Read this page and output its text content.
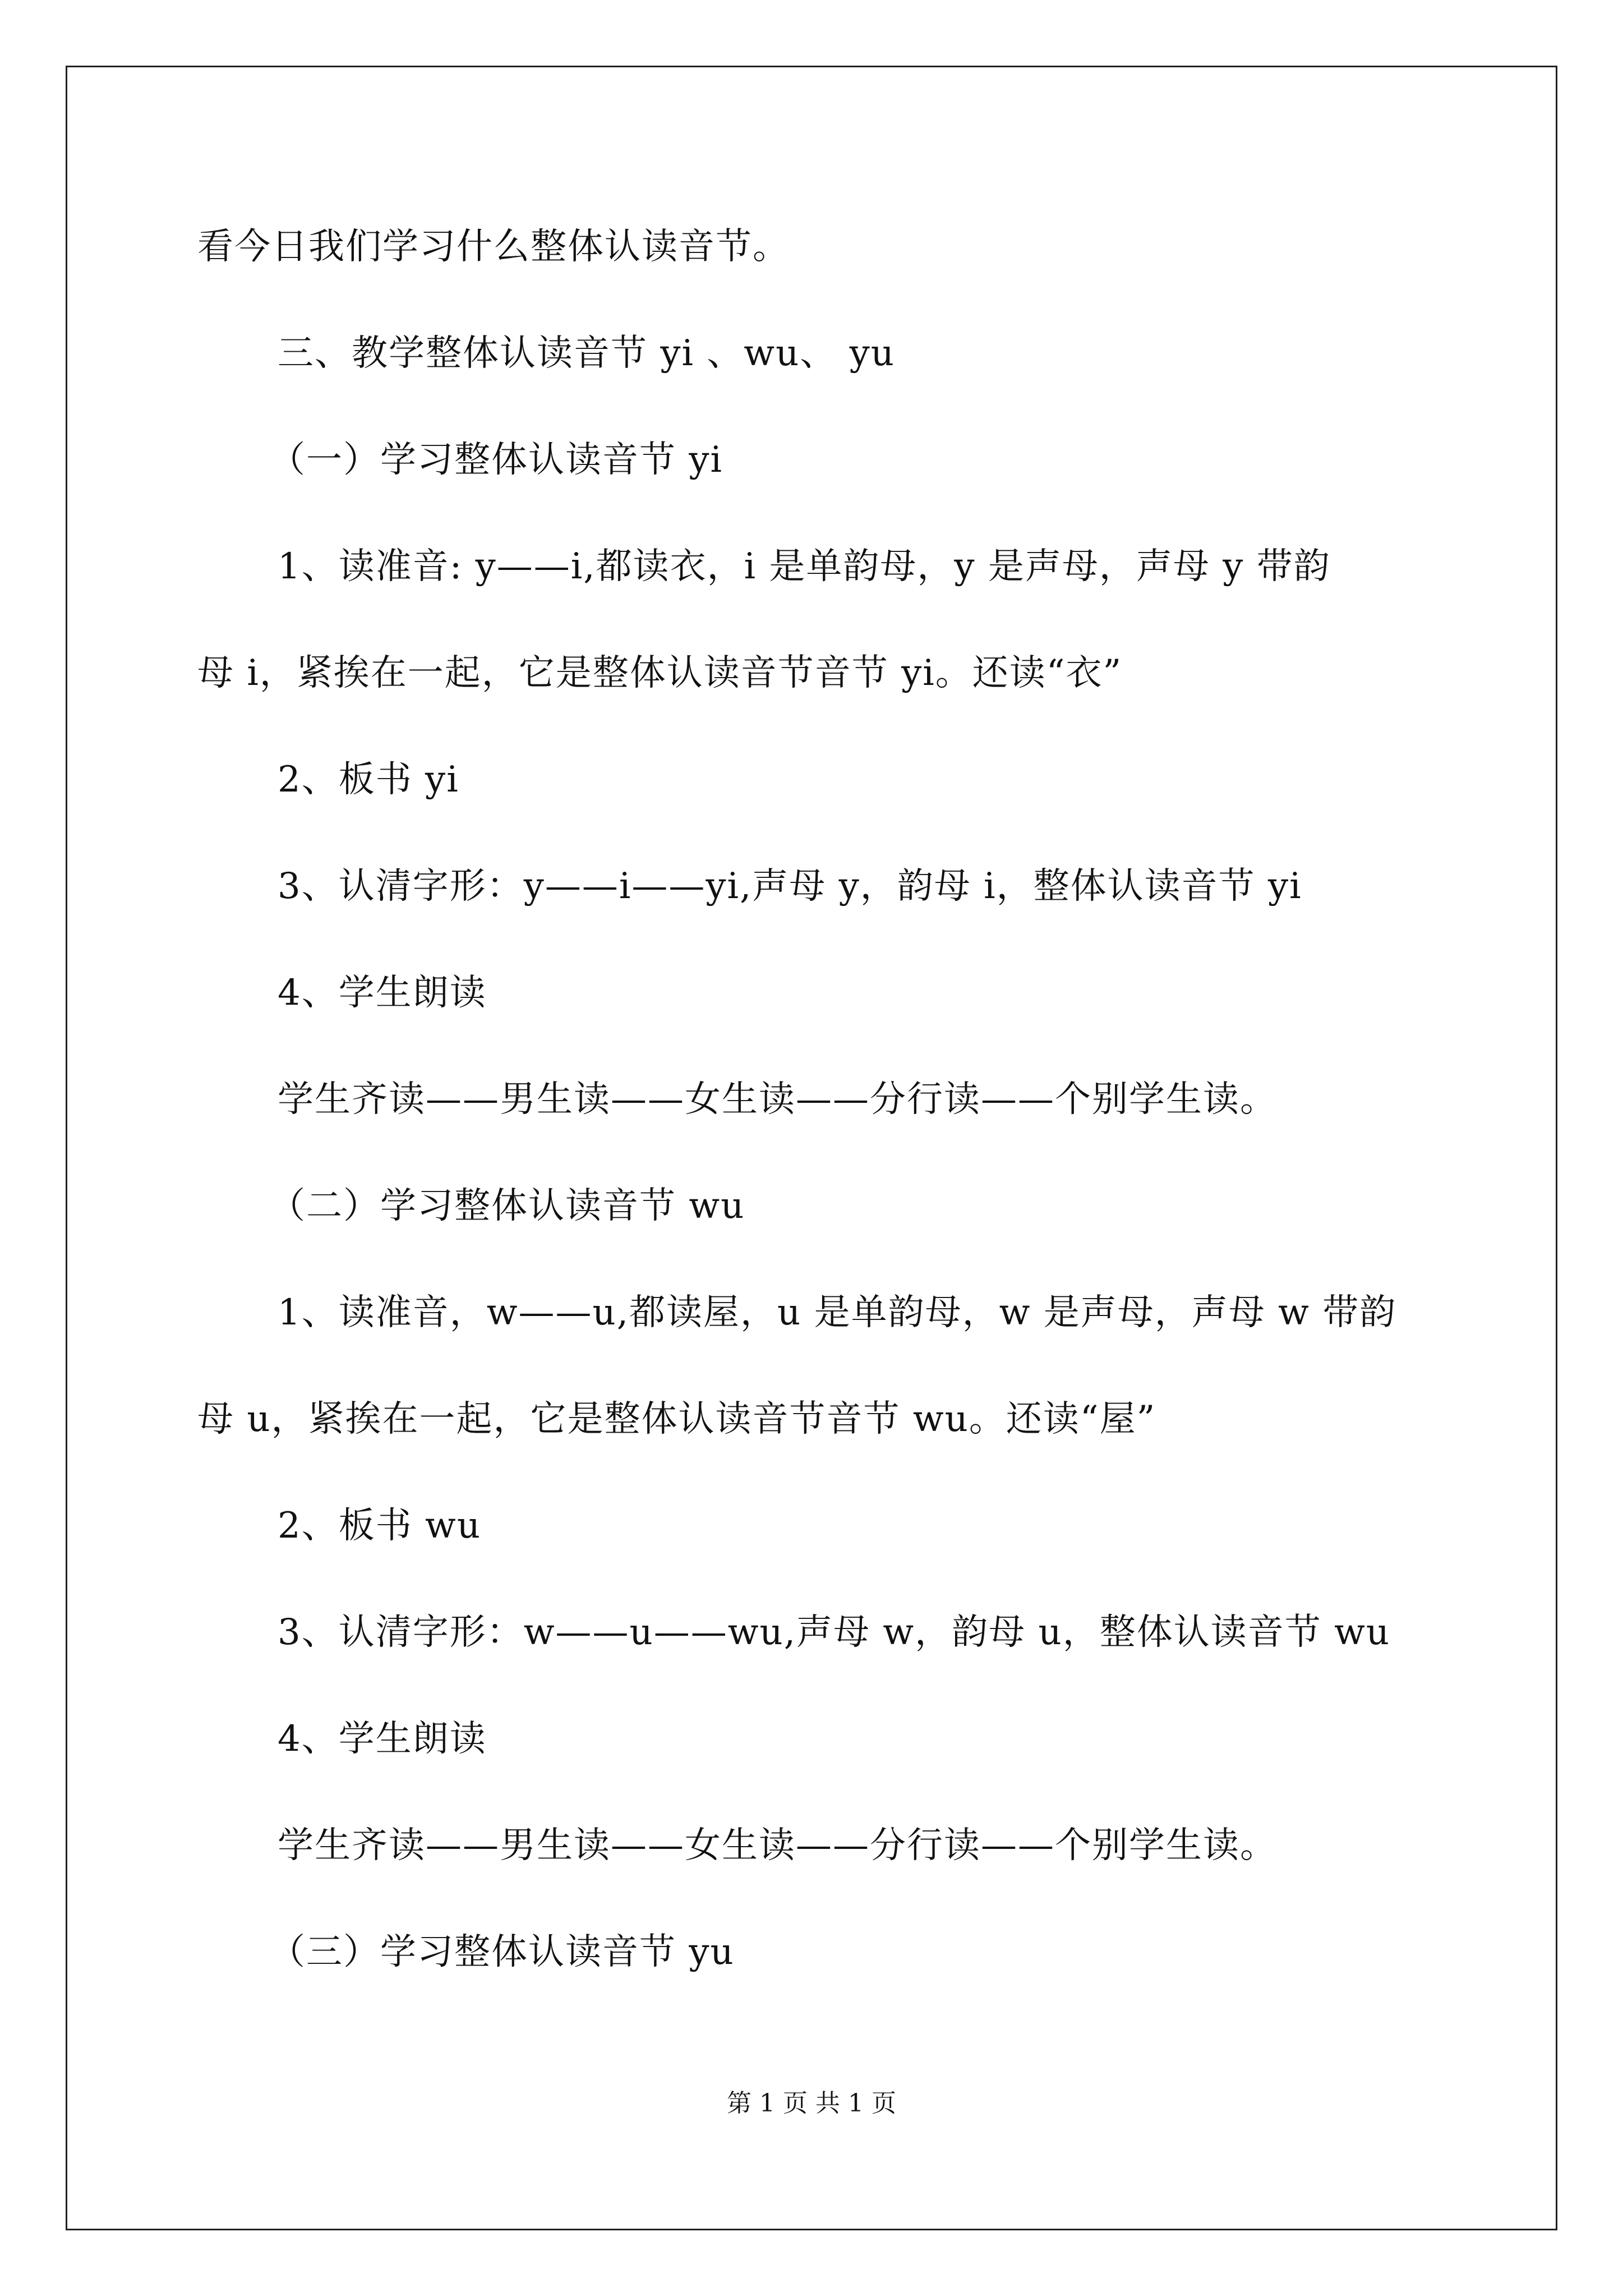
看今日我们学习什么整体认读音节。
三、教学整体认读音节 yi 、wu、 yu
（一）学习整体认读音节 yi
1、读准音: y——i,都读衣，i 是单韵母，y 是声母，声母 y 带韵
母 i，紧挨在一起，它是整体认读音节音节 yi。还读“衣”
2、板书 yi
3、认清字形：y——i——yi,声母 y，韵母 i，整体认读音节 yi
4、学生朗读
学生齐读——男生读——女生读——分行读——个别学生读。
（二）学习整体认读音节 wu
1、读准音，w——u,都读屋，u 是单韵母，w 是声母，声母 w 带韵
母 u，紧挨在一起，它是整体认读音节音节 wu。还读“屋”
2、板书 wu
3、认清字形：w——u——wu,声母 w，韵母 u，整体认读音节 wu
4、学生朗读
学生齐读——男生读——女生读——分行读——个别学生读。
（三）学习整体认读音节 yu
第 1 页 共 1 页
